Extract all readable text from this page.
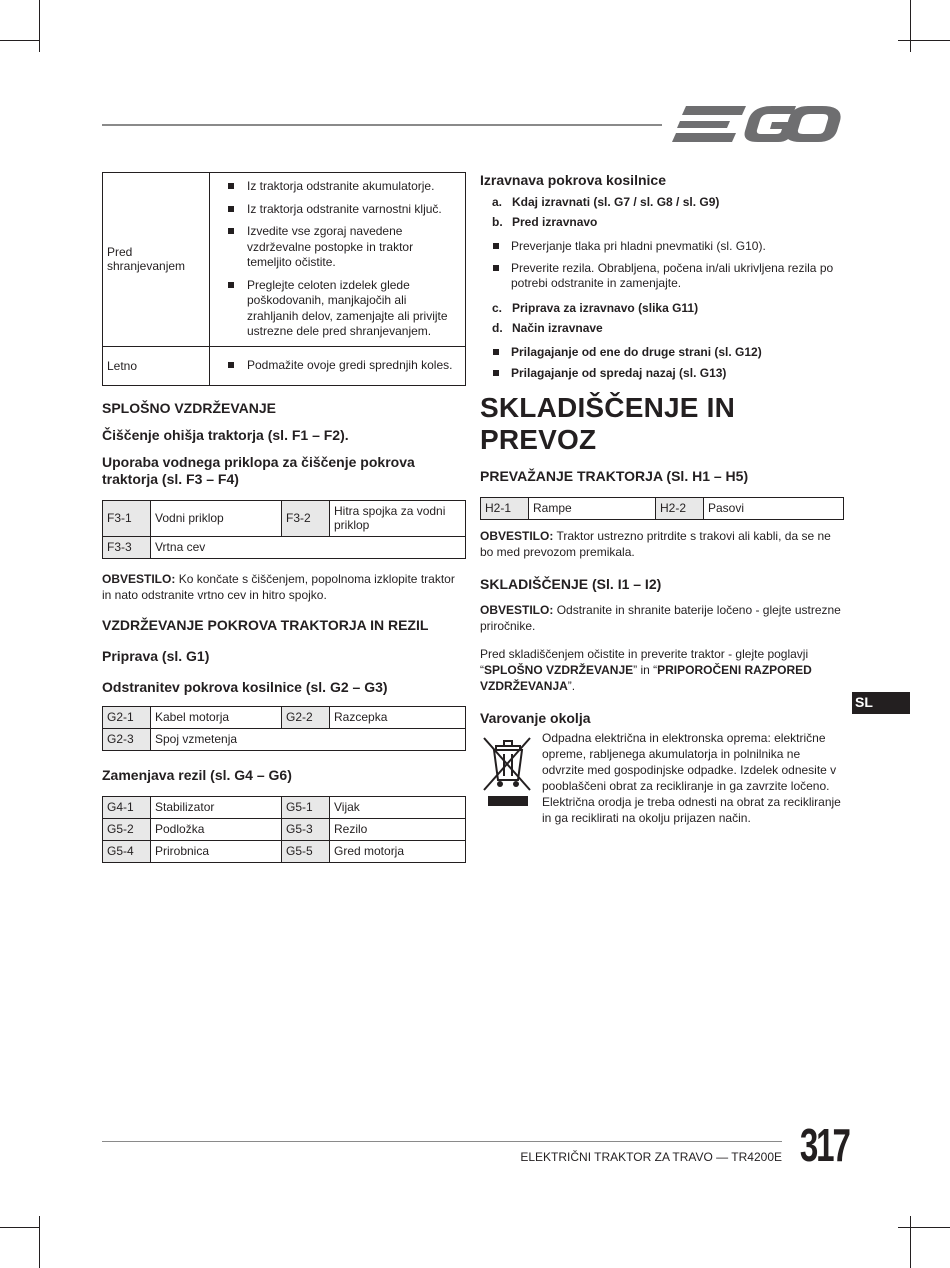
Pred shranjevanjem	Iz traktorja odstranite akumulatorje.
Iz traktorja odstranite varnostni ključ.
Izvedite vse zgoraj navedene vzdrževalne postopke in traktor temeljito očistite.
Preglejte celoten izdelek glede poškodovanih, manjkajočih ali zrahljanih delov, zamenjajte ali privijte ustrezne dele pred shranjevanjem.

Letno	Podmažite ovoje gredi sprednjih koles.
SPLOŠNO VZDRŽEVANJE
Čiščenje ohišja traktorja (sl. F1 – F2).
Uporaba vodnega priklopa za čiščenje pokrova traktorja (sl. F3 – F4)
F3-1	Vodni priklop	F3-2	Hitra spojka za vodni priklop
F3-3	Vrtna cev		

OBVESTILO: Ko končate s čiščenjem, popolnoma izklopite traktor in nato odstranite vrtno cev in hitro spojko.

VZDRŽEVANJE POKROVA TRAKTORJA IN REZIL
Priprava (sl. G1)
Odstranitev pokrova kosilnice (sl. G2 – G3)
G2-1	Kabel motorja	G2-2	Razcepka
G2-3	Spoj vzmetenja		
Zamenjava rezil (sl. G4 – G6)
G4-1	Stabilizator	G5-1	Vijak
G5-2	Podložka	G5-3	Rezilo
G5-4	Prirobnica	G5-5	Gred motorja
Izravnava pokrova kosilnice
a. Kdaj izravnati (sl. G7 / sl. G8 / sl. G9)
b. Pred izravnavo
Preverjanje tlaka pri hladni pnevmatiki (sl. G10).
Preverite rezila. Obrabljena, počena in/ali ukrivljena rezila po potrebi odstranite in zamenjajte.
c. Priprava za izravnavo (slika G11)
d. Način izravnave
Prilagajanje od ene do druge strani (sl. G12)
Prilagajanje od spredaj nazaj (sl. G13)
SKLADIŠČENJE IN PREVOZ
PREVAŽANJE TRAKTORJA (Sl. H1 – H5)
H2-1	Rampe	H2-2	Pasovi

OBVESTILO: Traktor ustrezno pritrdite s trakovi ali kabli, da se ne bo med prevozom premikala.

SKLADIŠČENJE (Sl. I1 – I2)

OBVESTILO: Odstranite in shranite baterije ločeno - glejte ustrezne priročnike.

Pred skladiščenjem očistite in preverite traktor - glejte poglavji “SPLOŠNO VZDRŽEVANJE” in “PRIPOROČENI RAZPORED VZDRŽEVANJA”.

Varovanje okolja

Odpadna električna in elektronska oprema: električne opreme, rabljenega akumulatorja in polnilnika ne odvrzite med gospodinjske odpadke. Izdelek odnesite v pooblaščeni obrat za recikliranje in ga zavrzite ločeno. Električna orodja je treba odnesti na obrat za recikliranje in ga reciklirati na okolju prijazen način.

SL
ELEKTRIČNI TRAKTOR ZA TRAVO — TR4200E 317
